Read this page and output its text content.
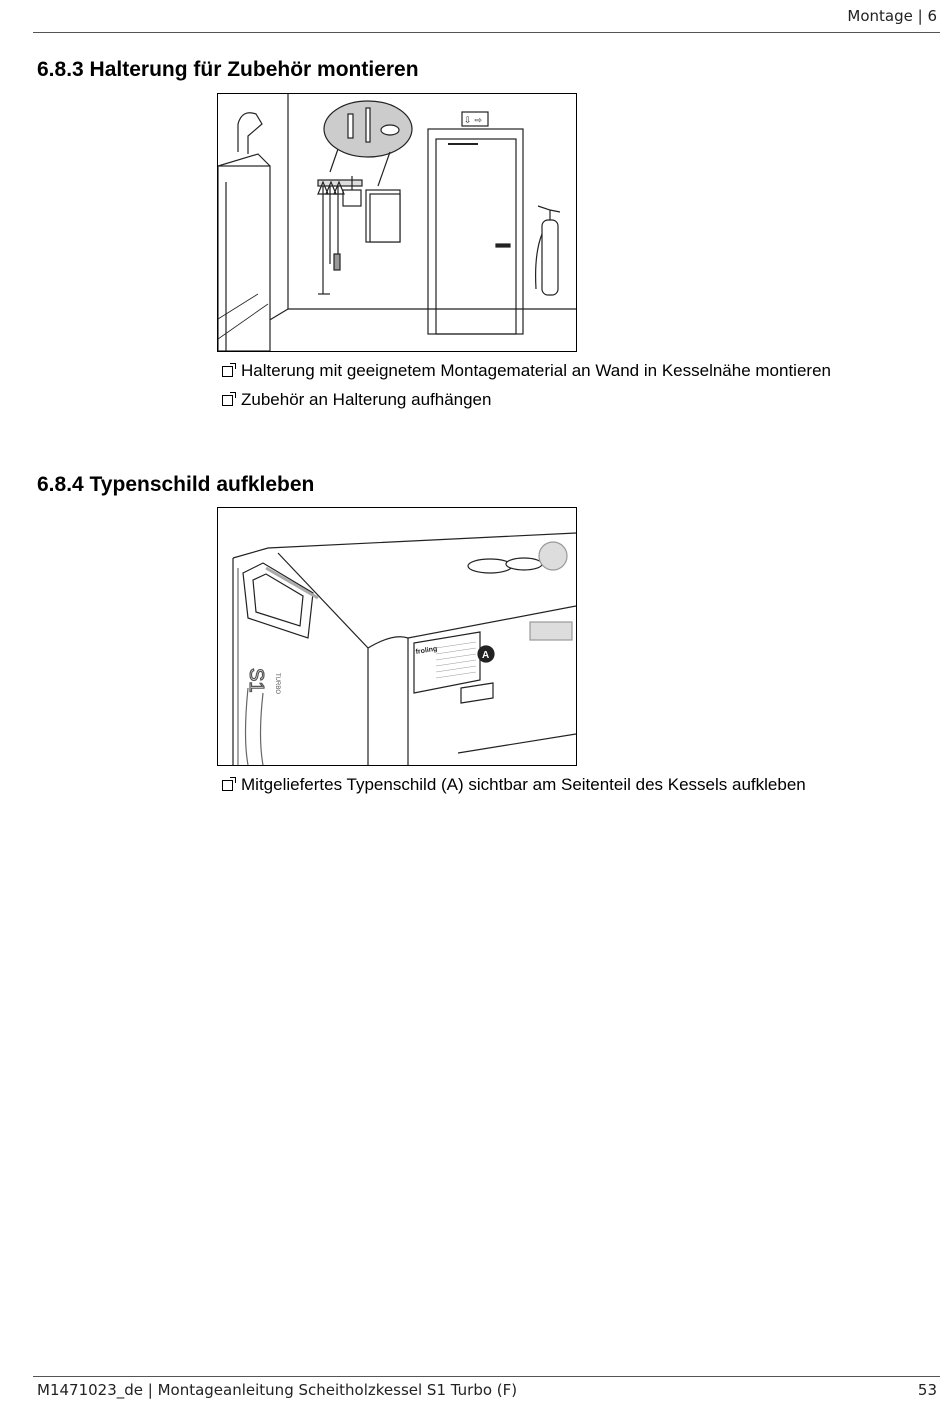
Montage | 6
6.8.3 Halterung für Zubehör montieren
⇩ ⇨
Halterung mit geeignetem Montagematerial an Wand in Kesselnähe montieren
Zubehör an Halterung aufhängen
6.8.4 Typenschild aufkleben
froling	A
S1 TURBO
Mitgeliefertes Typenschild (A) sichtbar am Seitenteil des Kessels aufkleben
M1471023_de | Montageanleitung Scheitholzkessel S1 Turbo (F)	53
